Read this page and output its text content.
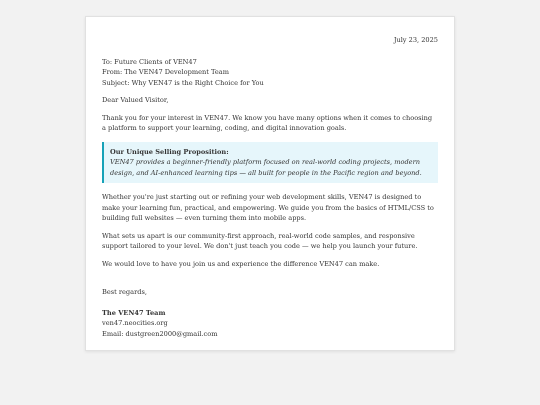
July 23, 2025
To: Future Clients of VEN47
From: The VEN47 Development Team
Subject: Why VEN47 is the Right Choice for You

Dear Valued Visitor,

Thank you for your interest in VEN47. We know you have many options when it comes to choosing a platform to support your learning, coding, and digital innovation goals.

Our Unique Selling Proposition:
VEN47 provides a beginner-friendly platform focused on real-world coding projects, modern design, and AI-enhanced learning tips — all built for people in the Pacific region and beyond.

Whether you're just starting out or refining your web development skills, VEN47 is designed to make your learning fun, practical, and empowering. We guide you from the basics of HTML/CSS to building full websites — even turning them into mobile apps.

What sets us apart is our community-first approach, real-world code samples, and responsive support tailored to your level. We don't just teach you code — we help you launch your future.

We would love to have you join us and experience the difference VEN47 can make.

Best regards,

The VEN47 Team
ven47.neocities.org
Email: dustgreen2000@gmail.com
